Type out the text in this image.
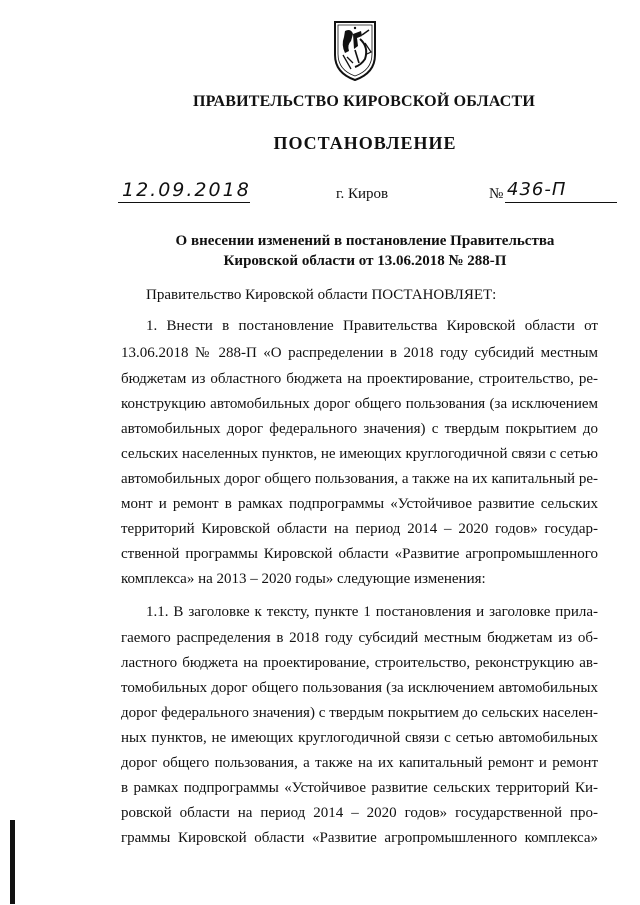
ПРАВИТЕЛЬСТВО КИРОВСКОЙ ОБЛАСТИ
ПОСТАНОВЛЕНИЕ
12.09.2018	г. Киров	№ 436-П
О внесении изменений в постановление Правительства
Кировской области от 13.06.2018 № 288-П
Правительство Кировской области ПОСТАНОВЛЯЕТ:
1. Внести в постановление Правительства Кировской области от
13.06.2018 № 288-П «О распределении в 2018 году субсидий местным
бюджетам из областного бюджета на проектирование, строительство, ре-
конструкцию автомобильных дорог общего пользования (за исключением
автомобильных дорог федерального значения) с твердым покрытием до
сельских населенных пунктов, не имеющих круглогодичной связи с сетью
автомобильных дорог общего пользования, а также на их капитальный ре-
монт и ремонт в рамках подпрограммы «Устойчивое развитие сельских
территорий Кировской области на период 2014 – 2020 годов» государ-
ственной программы Кировской области «Развитие агропромышленного
комплекса» на 2013 – 2020 годы» следующие изменения:
1.1. В заголовке к тексту, пункте 1 постановления и заголовке прила-
гаемого распределения в 2018 году субсидий местным бюджетам из об-
ластного бюджета на проектирование, строительство, реконструкцию ав-
томобильных дорог общего пользования (за исключением автомобильных
дорог федерального значения) с твердым покрытием до сельских населен-
ных пунктов, не имеющих круглогодичной связи с сетью автомобильных
дорог общего пользования, а также на их капитальный ремонт и ремонт
в рамках подпрограммы «Устойчивое развитие сельских территорий Ки-
ровской области на период 2014 – 2020 годов» государственной про-
граммы Кировской области «Развитие агропромышленного комплекса»
